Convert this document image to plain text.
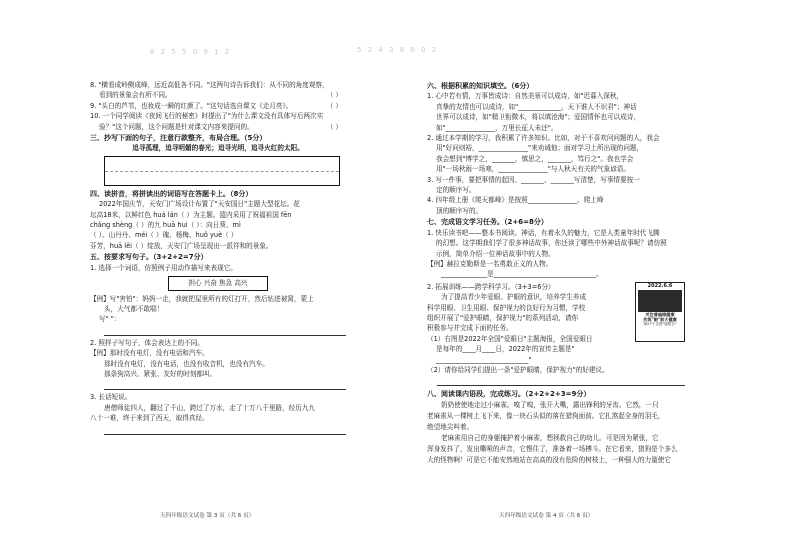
8 2 5 5 0 9 1 2
8. "横看成岭侧成峰，远近高低各不同。"这两句诗告诉我们：从不同的角度观察，
看到的景象会有所不同。	（ ）
9. "头白的芦苇，也妆成一瞬的红颜了。"这句话选自课文《走月亮》。	（ ）
10. 一个同学阅读《夜间飞行的秘密》时提出了"为什么课文没有具体写后两次实
验？"这个问题，这个问题是针对课文内容来提问的。	（ ）
三、抄写下面的句子，注意行款整齐，布局合理。（5分）
追寻孤理，追寻明媚的春光；追寻光明，追寻火红的太阳。
四、读拼音，将拼读出的词语写在答题卡上。（8分）
2022年国庆节，天安门广场设计布置了"天安国日"主题大型花坛。花
坛高18米，以鲜红色 huá lán（ ）为主题。篮内采用了祝福祖国 fēn
chǎng shèng（ ）的九 huā huì（ ）：向日葵、mì
（ ）、山丹丹、méi（ ）瑰、杨梅、huǒ yuè（ ）
芬芳，huā lěi（ ）绽放，天安门广场呈现出一派祥和的景象。
五、按要求写句子。（3+2+2=7分）
1. 选择一个词语，仿照例子用动作描写来表现它。
担心 兴奋 焦急 高兴
【例】写"害怕"：妈妈一走，我就把屋里所有的灯打开，然后钻进被窝，蒙上
头，大气都不敢喘！
写" "：
2. 照样子写句子，体会表达上的不同。
【例】那时没有电灯，没有电话和汽车。
那时没有电灯，没有电话，也没有收音机，也没有汽车。
那条狗高兴、紧张、友好的时刻都叫。
3. 长话短说。
唐僧师徒四人，翻过了千山，跨过了万水，走了十万八千里路，经历九九
八十一难，终于来到了西天，取得真经。
天四年级语文试卷 第 3 页（共 6 页）
5 2 4 3 8 0 0 2
六、根据积累的知识填空。（6分）
1. 心中若有情，万事皆成诗：自然美景可以成诗，如"迟暮入深秋，
真挚的友情也可以成诗，如"_____________，天下谁人不识君"；神话
世界可以成诗，如"精卫衔微木，将以填沧海"；爱国情怀也可以成诗，
如"_______________，万里长征人未还"。
2. 通过本学期的学习，我积累了许多知识。比如，对于不喜欢问问题的人，我会
用"好问则裕，_______________"来劝诫他；面对学习上所出现的问题，
我会想到"博学之，_______，慎思之，_______，笃行之"。我也学会
用"一场秋雨一场寒，_______________"与人秋天有关的气象谚语。
3. 写一件事，要把事情的起因、_______、_______写清楚，写事情要按一
定的顺序写。
4. 四年级上册《爬天都峰》是按照_______________、爬上峰
顶的顺序写的。
七、完成语文学习任务。（2+6=8分）
1. 快乐读书吧——整本书阅读。神话，有着永久的魅力，它是人类童年时代飞腾
的幻想。这学期我们学了很多神话故事，你还读了哪些中外神话故事呢？请仿照
示例，简单介绍一位神话故事中的人物。
【例】赫拉克勒斯是一名勇敢正义的人物。
______________是_______________________________。
2. 拓展训练——跨学科学习。（3+3=6分）
为了提高青少年爱眼、护眼的意识，培养学生养成
科学用眼、卫生用眼、保护视力的良好行为习惯，学校
组织开展了"爱护眼睛，保护视力"的系列活动，请你
积极参与并完成下面的任务。
（1）右图是2022年全国"爱眼日"主题海报，全国爱眼日
是每年的____月____日，2022年的宣传主题是"
____________________________"
（2）请你给同学们提出一条"爱护眼睛，保护视力"的好建议。
八、阅读课内语段，完成练习。（2+2+2+3=9分）
奶奶使使地走过小麻雀。嗅了嗅，张开大嘴，露出锋利的牙齿。它然，一只
老麻雀从一棵树上飞下来，像一块石头似的落在猎狗面前。它扎煞起全身的羽毛，
绝望地尖叫着。
老麻雀用自己的身躯掩护着小麻雀，想拯救自己的幼儿。可是因为紧张，它
浑身发抖了，发出嘶哑的声音，它愣住了，准备着一场搏斗。在它看来，猎狗是个多么
大的怪物啊！可是它不能安然地站在高高的没有危险的树枝上，一种强大的力量使它
2022.6.6
关注普遍眼健康
共筑"眼"前大健康
第27个全国"爱眼日"
天四年级语文试卷 第 4 页（共 6 页）
